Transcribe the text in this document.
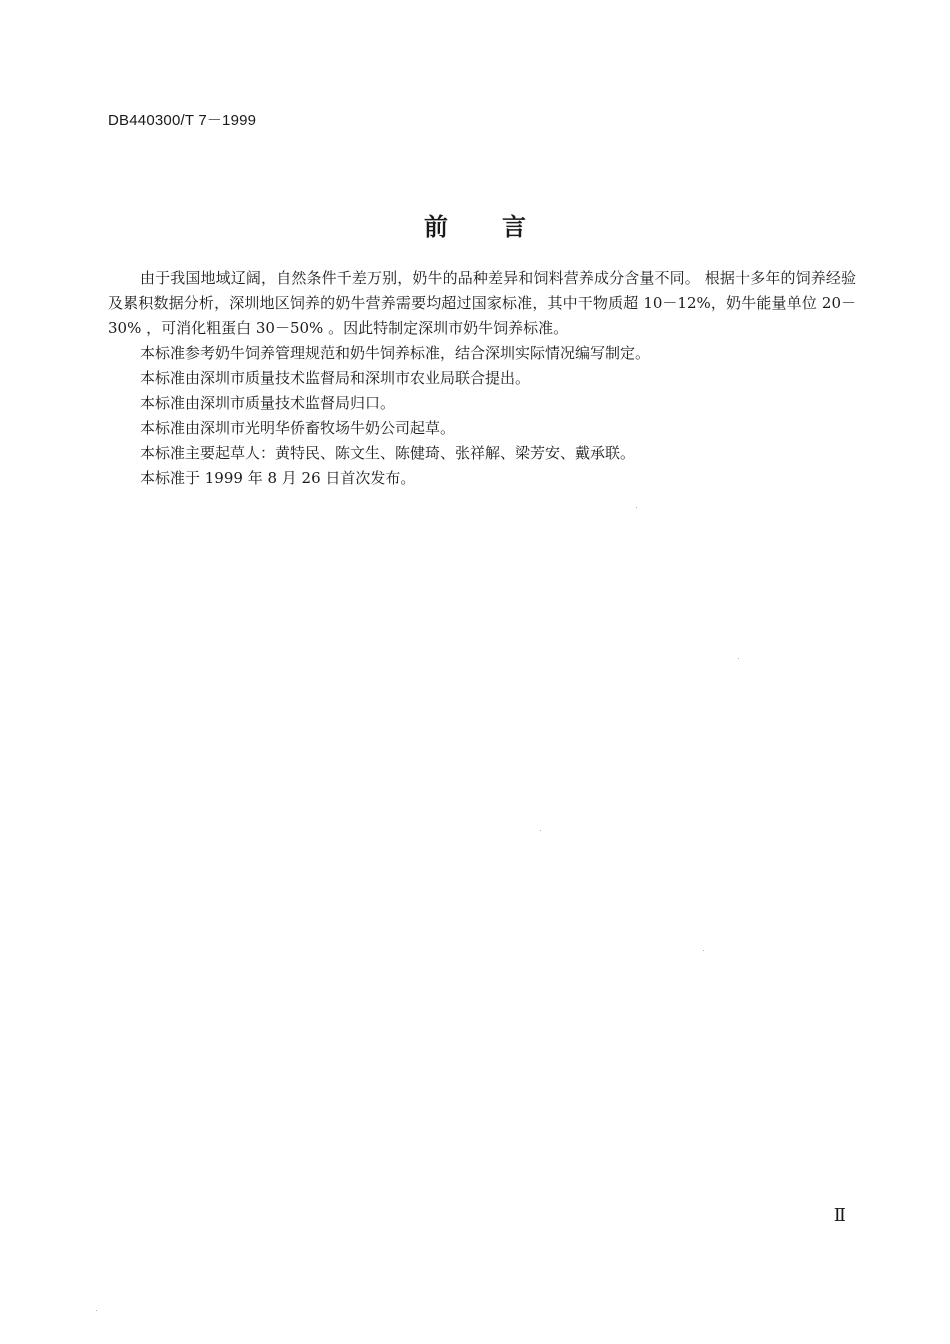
DB440300/T 7－1999
前言

由于我国地域辽阔，自然条件千差万别，奶牛的品种差异和饲料营养成分含量不同。 根据十多年的饲养经验及累积数据分析，深圳地区饲养的奶牛营养需要均超过国家标准，其中干物质超 10－12%，奶牛能量单位 20－30% ，可消化粗蛋白 30－50% 。因此特制定深圳市奶牛饲养标准。

本标准参考奶牛饲养管理规范和奶牛饲养标准，结合深圳实际情况编写制定。

本标准由深圳市质量技术监督局和深圳市农业局联合提出。

本标准由深圳市质量技术监督局归口。

本标准由深圳市光明华侨畜牧场牛奶公司起草。

本标准主要起草人：黄特民、陈文生、陈健琦、张祥解、梁芳安、戴承联。

本标准于 1999 年 8 月 26 日首次发布。

Ⅱ
